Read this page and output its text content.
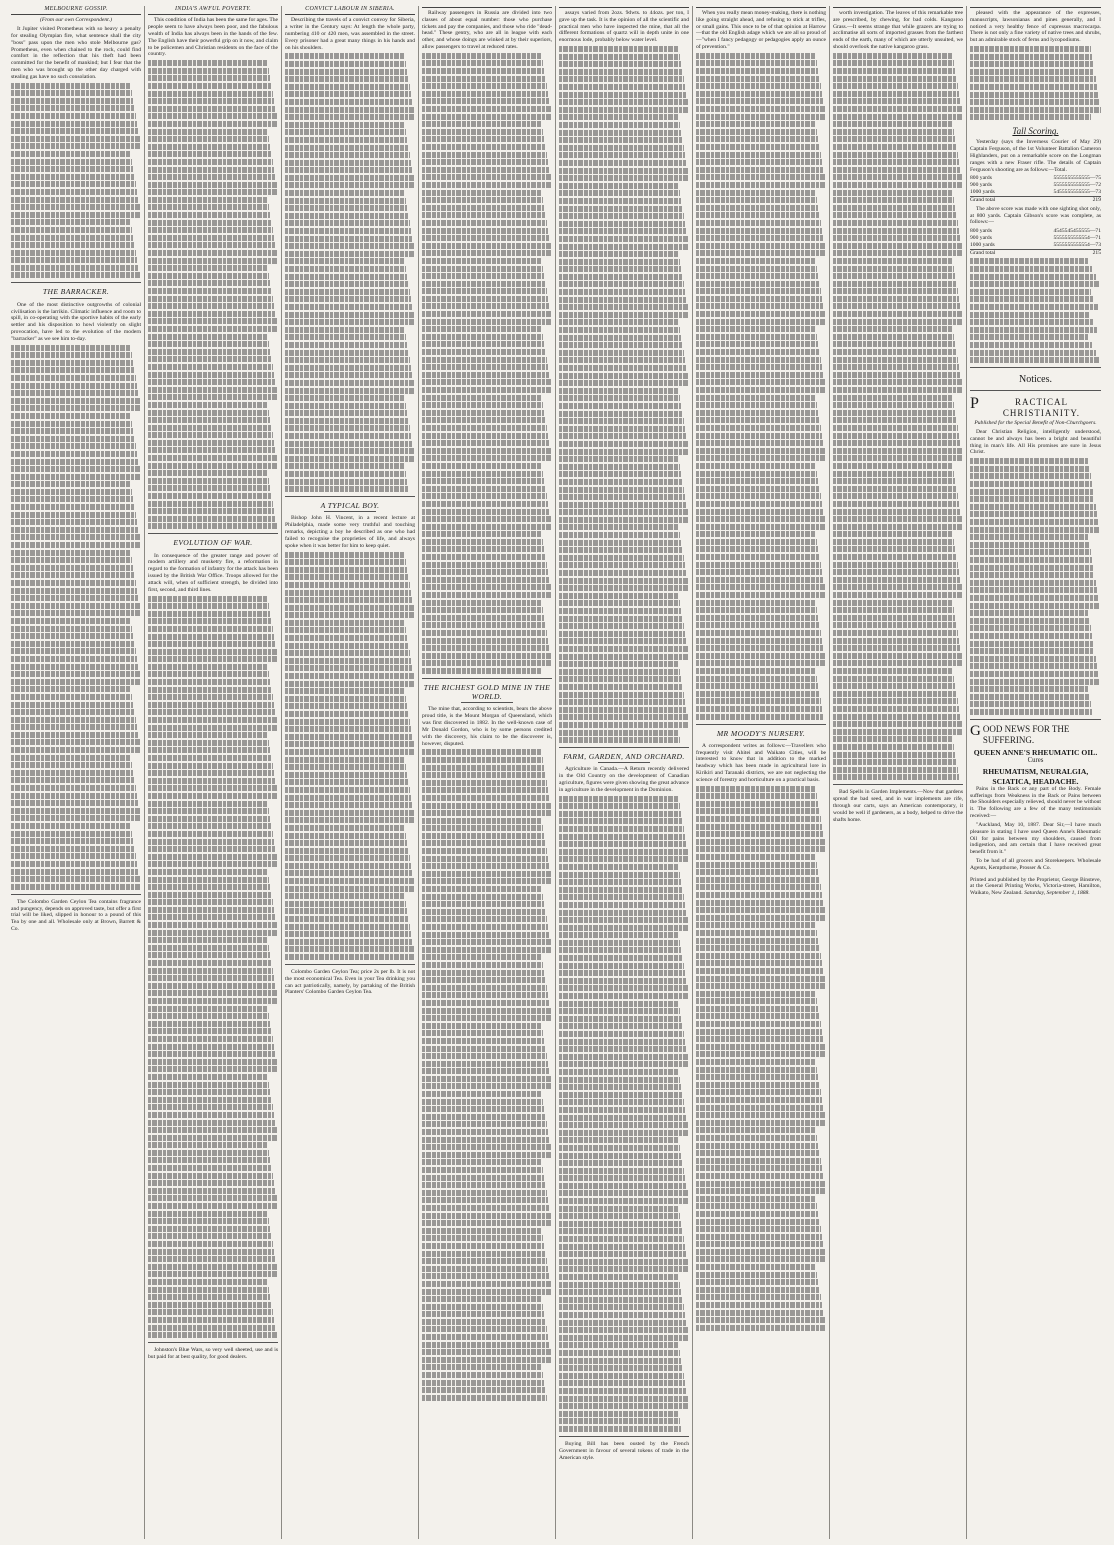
MELBOURNE GOSSIP.
(From our own Correspondent.)

It Jupiter visited Prometheus with so heavy a penalty for stealing Olympian fire, what sentence shall the city "boss" pass upon the men who stole Melbourne gas? Prometheus, even when chained to the rock, could find comfort in the reflection that his theft had been committed for the benefit of mankind; but I fear that the men who was brought up the other day charged with stealing gas have no such consolation.

THE BARRACKER.

One of the most distinctive outgrowths of colonial civilisation is the larrikin. Climatic influence and room to spill, in co-operating with the sportive habits of the early settler and his disposition to howl violently on slight provocation, have led to the evolution of the modern "barracker" as we see him to-day.

The Colombo Garden Ceylon Tea contains fragrance and pungency, depends on approved taste, but offer a first trial will be liked, slipped in honour to a pound of this Tea by one and all. Wholesale only at Brown, Barrett & Co.

INDIA'S AWFUL POVERTY.

This condition of India has been the same for ages. The people seem to have always been poor, and the fabulous wealth of India has always been in the hands of the few. The English have their powerful grip on it now, and claim to be policemen and Christian residents on the face of the country.

EVOLUTION OF WAR.

In consequence of the greater range and power of modern artillery and musketry fire, a reformation in regard to the formation of infantry for the attack has been issued by the British War Office. Troops allowed for the attack will, when of sufficient strength, be divided into first, second, and third lines.

Johnston's Blue Wars, so very well sheeted, use and is but paid for at best quality, for good dealers.

CONVICT LABOUR IN SIBERIA.

Describing the travels of a convict convoy for Siberia, a writer in the Century says: At length the whole party, numbering 410 or 420 men, was assembled in the street. Every prisoner had a great many things in his hands and on his shoulders.

A TYPICAL BOY.

Bishop John H. Vincent, in a recent lecture at Philadelphia, made some very truthful and touching remarks, depicting a boy he described as one who had failed to recognise the proprieties of life, and always spoke when it was better for him to keep quiet.

Colombo Garden Ceylon Tea; price 2s per lb. It is not the most economical Tea. Even in your Tea drinking you can act patriotically, namely, by partaking of the British Planters' Colombo Garden Ceylon Tea.

Railway passengers in Russia are divided into two classes of about equal number: those who purchase tickets and pay the companies, and those who ride "dead-head." These gentry, who are all in league with each other, and whose doings are winked at by their superiors, allow passengers to travel at reduced rates.

THE RICHEST GOLD MINE IN THE WORLD.

The mine that, according to scientists, bears the above proud title, is the Mount Morgan of Queensland, which was first discovered in 1882. In the well-known case of Mr Donald Gordon, who is by some persons credited with the discovery, his claim to be the discoverer is, however, disputed.

assays varied from 2ozs. 9dwts. to 44ozs. per ton, I gave up the task. It is the opinion of all the scientific and practical men who have inspected the mine, that all the different formations of quartz will in depth unite in one enormous lode, probably below water level.

FARM, GARDEN, AND ORCHARD.

Agriculture in Canada.—A Return recently delivered in the Old Country on the development of Canadian agriculture, figures were given showing the great advance in agriculture in the development in the Dominion.

Buying Bill has been ousted by the French Government in favour of several tokens of trade in the American style.

When you really mean money-making, there is nothing like going straight ahead, and refusing to stick at trifles, or small gains. This once to be of that opinion at Harrow—that the old English adage which we are all so proud of—"when I fancy pedagogy or pedagogies apply an ounce of prevention."

MR MOODY'S NURSERY.

A correspondent writes as follows:—Travellers who frequently visit Ahitei and Waikato Cities, will be interested to know that in addition to the marked headway which has been made in agricultural lore in Kirikiri and Taranaki districts, we are not neglecting the science of forestry and horticulture on a practical basis.

worth investigation. The leaves of this remarkable tree are prescribed, by chewing, for bad colds. Kangaroo Grass.—It seems strange that while grazers are trying to acclimatise all sorts of imported grasses from the farthest ends of the earth, many of which are utterly unsuited, we should overlook the native kangaroo grass.

Bad Spells in Garden Implements.—Now that gardens spread the bad seed, and in war implements are rife, through our carts, says an American contemporary, it would be well if gardeners, as a body, helped to drive the shafts home.

pleased with the appearance of the expresses, manuscripts, lawsonianas and pines generally, and I noticed a very healthy fence of cupressus macrocarpa. There is not only a fine variety of native trees and shrubs, but an admirable stock of ferns and lycopodiums.

Tall Scoring.

Yesterday (says the Inverness Courier of May 29) Captain Ferguson, of the 1st Volunteer Battalion Cameron Highlanders, put on a remarkable score on the Longman ranges with a new Fraser rifle. The details of Captain Ferguson's shooting are as follows:—Total.

800 yards	5555555555555—75
900 yards	5555555555555—72
1000 yards	5455555555555—73
Grand total	219

The above score was made with one sighting shot only, at 800 yards. Captain Gibson's score was complete, as follows:—

800 yards	4545545455555—71
900 yards	5555555555554—71
1000 yards	5555555555554—73
Grand total	215
Notices.
P	RACTICAL CHRISTIANITY.
Published for the Special Benefit of Non-Churchgoers.

Dear Christian Religion, intelligently understood, cannot be and always has been a bright and beautiful thing in man's life. All His promises are sure in Jesus Christ.

GOOD NEWS FOR THE SUFFERING.
QUEEN ANNE'S RHEUMATIC OIL.
Cures
RHEUMATISM, NEURALGIA, SCIATICA, HEADACHE.

Pains in the Back or any part of the Body. Female sufferings from Weakness in the Back or Pains between the Shoulders especially relieved, should never be without it. The following are a few of the many testimonials received:—

"Auckland, May 10, 1887. Dear Sir,—I have much pleasure in stating I have used Queen Anne's Rheumatic Oil for pains between my shoulders, caused from indigestion, and am certain that I have received great benefit from it."

To be had of all grocers and Storekeepers. Wholesale Agents, Kempthorne, Prosser & Co.

Printed and published by the Proprietor, George Binsteve, at the General Printing Works, Victoria-street, Hamilton, Waikato, New Zealand. Saturday, September 1, 1888.
